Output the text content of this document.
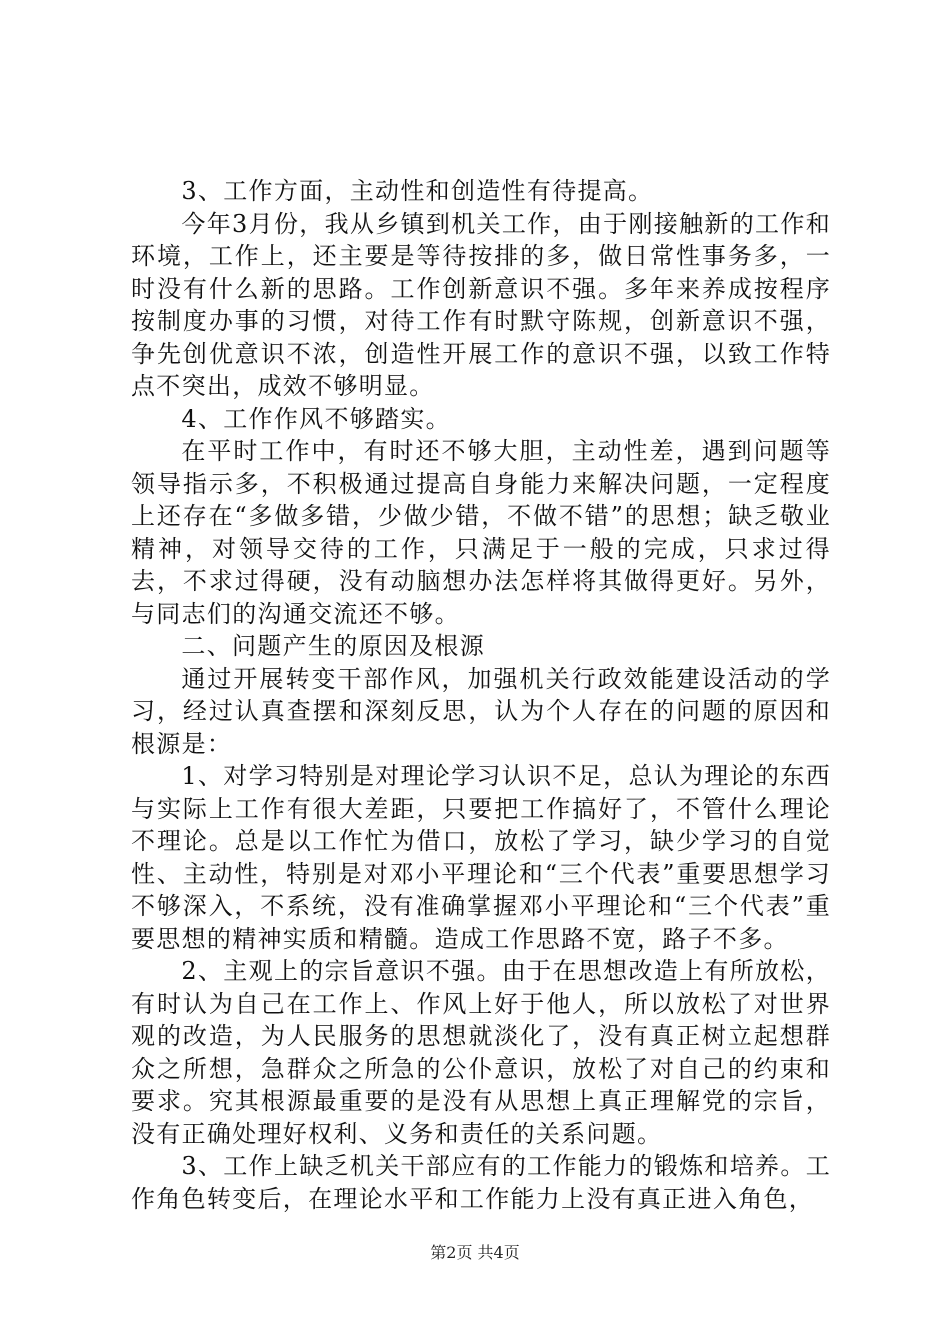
3、工作方面，主动性和创造性有待提高。

今年3月份，我从乡镇到机关工作，由于刚接触新的工作和环境，工作上，还主要是等待按排的多，做日常性事务多，一时没有什么新的思路。工作创新意识不强。多年来养成按程序按制度办事的习惯，对待工作有时默守陈规，创新意识不强，争先创优意识不浓，创造性开展工作的意识不强，以致工作特点不突出，成效不够明显。

4、工作作风不够踏实。

在平时工作中，有时还不够大胆，主动性差，遇到问题等领导指示多，不积极通过提高自身能力来解决问题，一定程度上还存在“多做多错，少做少错，不做不错”的思想；缺乏敬业精神，对领导交待的工作，只满足于一般的完成，只求过得去，不求过得硬，没有动脑想办法怎样将其做得更好。另外，与同志们的沟通交流还不够。

二、问题产生的原因及根源

通过开展转变干部作风，加强机关行政效能建设活动的学习，经过认真查摆和深刻反思，认为个人存在的问题的原因和根源是：

1、对学习特别是对理论学习认识不足，总认为理论的东西与实际上工作有很大差距，只要把工作搞好了，不管什么理论不理论。总是以工作忙为借口，放松了学习，缺少学习的自觉性、主动性，特别是对邓小平理论和“三个代表”重要思想学习不够深入，不系统，没有准确掌握邓小平理论和“三个代表”重要思想的精神实质和精髓。造成工作思路不宽，路子不多。

2、主观上的宗旨意识不强。由于在思想改造上有所放松，有时认为自己在工作上、作风上好于他人，所以放松了对世界观的改造，为人民服务的思想就淡化了，没有真正树立起想群众之所想，急群众之所急的公仆意识，放松了对自己的约束和要求。究其根源最重要的是没有从思想上真正理解党的宗旨，没有正确处理好权利、义务和责任的关系问题。

3、工作上缺乏机关干部应有的工作能力的锻炼和培养。工作角色转变后，在理论水平和工作能力上没有真正进入角色，

第2页 共4页
